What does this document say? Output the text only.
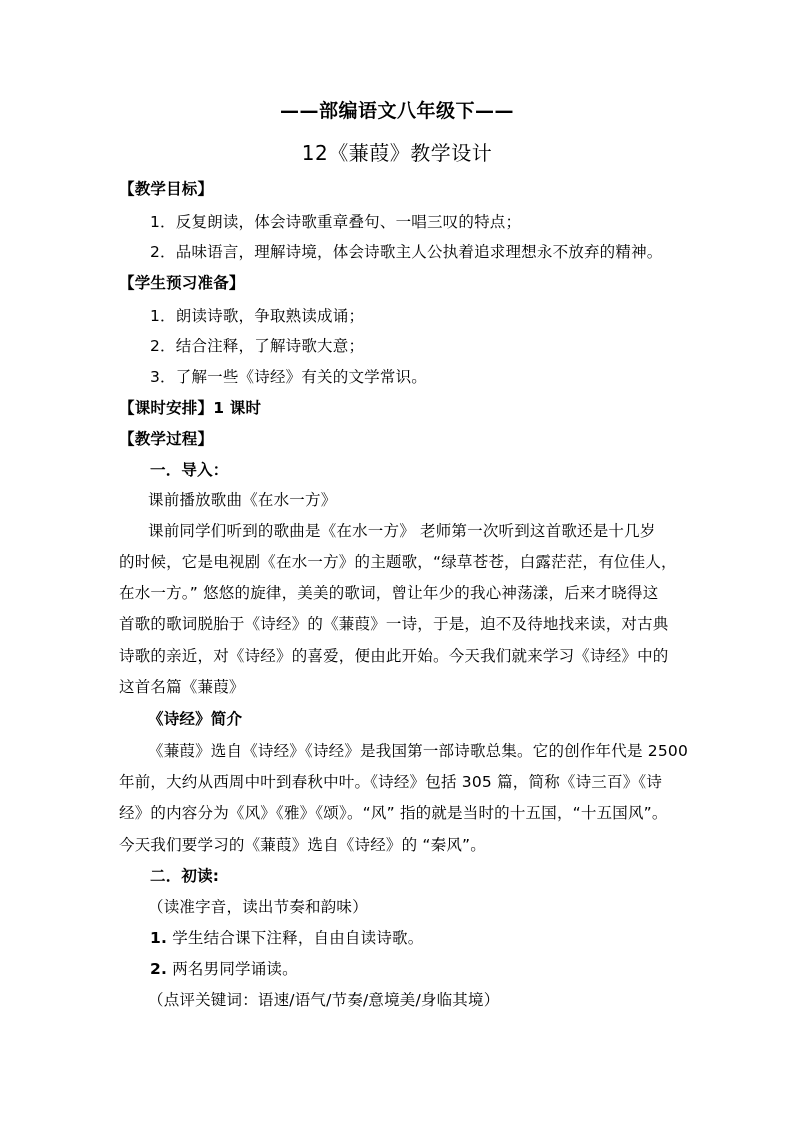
——部编语文八年级下——
12《蒹葭》教学设计
【教学目标】
1．反复朗读，体会诗歌重章叠句、一唱三叹的特点；
2．品味语言，理解诗境，体会诗歌主人公执着追求理想永不放弃的精神。
【学生预习准备】
1．朗读诗歌，争取熟读成诵；
2．结合注释，了解诗歌大意；
3．了解一些《诗经》有关的文学常识。
【课时安排】1 课时
【教学过程】
一．导入：
课前播放歌曲《在水一方》
课前同学们听到的歌曲是《在水一方》 老师第一次听到这首歌还是十几岁
的时候，它是电视剧《在水一方》的主题歌，“绿草苍苍，白露茫茫，有位佳人，
在水一方。” 悠悠的旋律，美美的歌词，曾让年少的我心神荡漾，后来才晓得这
首歌的歌词脱胎于《诗经》的《蒹葭》一诗，于是，迫不及待地找来读，对古典
诗歌的亲近，对《诗经》的喜爱，便由此开始。今天我们就来学习《诗经》中的
这首名篇《蒹葭》
《诗经》简介
《蒹葭》选自《诗经》《诗经》是我国第一部诗歌总集。它的创作年代是 2500
年前，大约从西周中叶到春秋中叶。《诗经》包括 305 篇，简称《诗三百》《诗
经》的内容分为《风》《雅》《颂》。“风” 指的就是当时的十五国，“十五国风”。
今天我们要学习的《蒹葭》选自《诗经》的 “秦风”。
二．初读:
（读准字音，读出节奏和韵味）
1. 学生结合课下注释，自由自读诗歌。
2. 两名男同学诵读。
（点评关键词：语速/语气/节奏/意境美/身临其境）
